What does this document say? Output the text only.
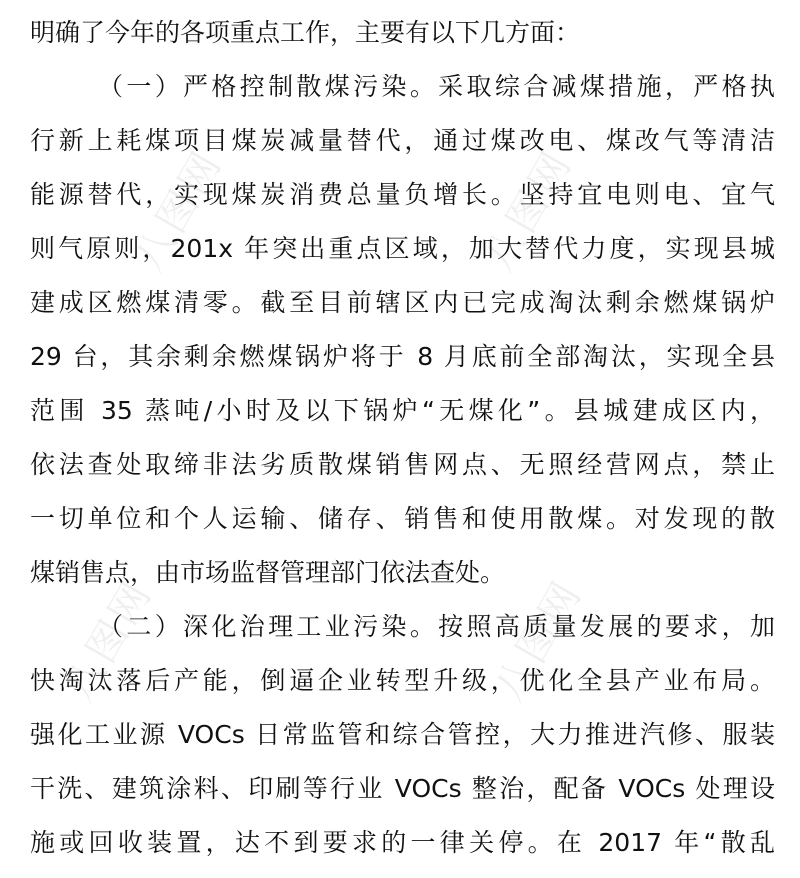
八图网	八图网
八图网	八图网
明确了今年的各项重点工作，主要有以下几方面：
（一）严格控制散煤污染。采取综合减煤措施，严格执
行新上耗煤项目煤炭减量替代，通过煤改电、煤改气等清洁
能源替代，实现煤炭消费总量负增长。坚持宜电则电、宜气
则气原则，201x 年突出重点区域，加大替代力度，实现县城
建成区燃煤清零。截至目前辖区内已完成淘汰剩余燃煤锅炉
29 台，其余剩余燃煤锅炉将于 8 月底前全部淘汰，实现全县
范围 35 蒸吨/小时及以下锅炉“无煤化”。县城建成区内，
依法查处取缔非法劣质散煤销售网点、无照经营网点，禁止
一切单位和个人运输、储存、销售和使用散煤。对发现的散
煤销售点，由市场监督管理部门依法查处。
（二）深化治理工业污染。按照高质量发展的要求，加
快淘汰落后产能，倒逼企业转型升级，优化全县产业布局。
强化工业源 VOCs 日常监管和综合管控，大力推进汽修、服装
干洗、建筑涂料、印刷等行业 VOCs 整治，配备 VOCs 处理设
施或回收装置，达不到要求的一律关停。在 2017 年“散乱
